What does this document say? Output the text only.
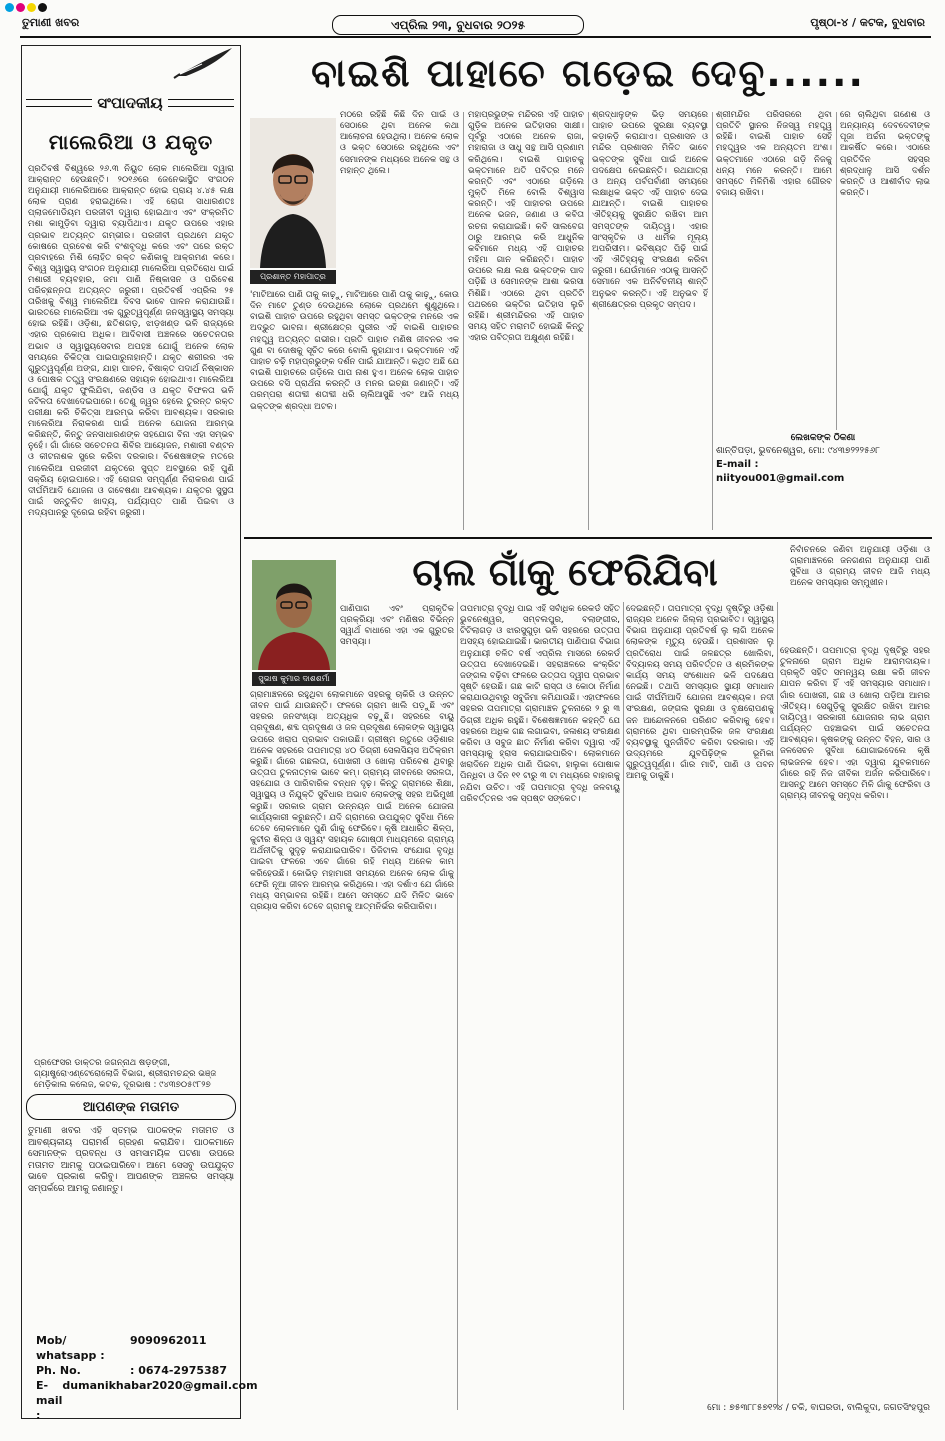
ତୁମାଣୀ ଖବର	ଏପ୍ରିଲ ୨୩, ବୁଧବାର ୨୦୨୫	ପୃଷ୍ଠା-୪ / କଟକ, ବୁଧବାର
ସଂପାଦକୀୟ
ମାଲେରିଆ ଓ ଯକୃତ
ପ୍ରତିବର୍ଷ ବିଶ୍ୱରେ ୨୬.୩ ନିୟୁତ ଲୋକ ମାଲେରିଆ ଦ୍ୱାରା ଆକ୍ରାନ୍ତ ହେଉଛନ୍ତି। ୨୦୧୬ରେ ଜେନେଭାସ୍ଥିତ ସଂଗଠନ ଅନୁଯାୟୀ ମାଲେରିଆରେ ଆକ୍ରାନ୍ତ ହୋଇ ପ୍ରାୟ ୪.୪୫ ଲକ୍ଷ ଲୋକ ପ୍ରାଣ ହରାଇଥିଲେ। ଏହି ରୋଗ ସାଧାରଣତଃ ପ୍ଲାଜମୋଡିୟମ ପରଜୀବୀ ଦ୍ୱାରା ହୋଇଥାଏ ଏବଂ ସଂକ୍ରମିତ ମଶା କାମୁଡ଼ିବା ଦ୍ୱାରା ବ୍ୟାପିଥାଏ। ଯକୃତ ଉପରେ ଏହାର ପ୍ରଭାବ ଅତ୍ୟନ୍ତ ଗମ୍ଭୀର। ପରଜୀବୀ ପ୍ରଥମେ ଯକୃତ କୋଷରେ ପ୍ରବେଶ କରି ବଂଶବୃଦ୍ଧି କରେ ଏବଂ ପରେ ରକ୍ତ ପ୍ରବାହରେ ମିଶି ଲୋହିତ ରକ୍ତ କଣିକାକୁ ଆକ୍ରମଣ କରେ। ବିଶ୍ୱ ସ୍ୱାସ୍ଥ୍ୟ ସଂଗଠନ ଅନୁଯାୟୀ ମାଲେରିଆ ପ୍ରତିରୋଧ ପାଇଁ ମଶାରୀ ବ୍ୟବହାର, ଜମା ପାଣି ନିଷ୍କାସନ ଓ ପରିବେଶ ପରିଚ୍ଛନ୍ନତା ଅତ୍ୟନ୍ତ ଜରୁରୀ। ପ୍ରତିବର୍ଷ ଏପ୍ରିଲ ୨୫ ତାରିଖକୁ ବିଶ୍ୱ ମାଲେରିଆ ଦିବସ ଭାବେ ପାଳନ କରାଯାଉଛି। ଭାରତରେ ମାଲେରିଆ ଏକ ଗୁରୁତ୍ୱପୂର୍ଣ୍ଣ ଜନସ୍ୱାସ୍ଥ୍ୟ ସମସ୍ୟା ହୋଇ ରହିଛି। ଓଡ଼ିଶା, ଛତିଶଗଡ଼, ଝାଡ଼ଖଣ୍ଡ ଭଳି ରାଜ୍ୟରେ ଏହାର ପ୍ରକୋପ ଅଧିକ। ଆଦିବାସୀ ଅଞ୍ଚଳରେ ସଚେତନତାର ଅଭାବ ଓ ସ୍ୱାସ୍ଥ୍ୟସେବାର ଅପହଞ୍ଚ ଯୋଗୁଁ ଅନେକ ଲୋକ ସମୟରେ ଚିକିତ୍ସା ପାଇପାରୁନାହାନ୍ତି। ଯକୃତ ଶରୀରର ଏକ ଗୁରୁତ୍ୱପୂର୍ଣ୍ଣ ଅଙ୍ଗ, ଯାହା ପାଚନ, ବିଷାକ୍ତ ପଦାର୍ଥ ନିଷ୍କାସନ ଓ ପୋଷକ ତତ୍ତ୍ୱ ସଂରକ୍ଷଣରେ ସହାୟକ ହୋଇଥାଏ। ମାଲେରିଆ ଯୋଗୁଁ ଯକୃତ ଫୁଲିଯିବା, ଜଣ୍ଡିସ ଓ ଯକୃତ ବିଫଳତା ଭଳି ଜଟିଳତା ଦେଖାଦେଇପାରେ। ତେଣୁ ଜ୍ୱର ହେଲେ ତୁରନ୍ତ ରକ୍ତ ପରୀକ୍ଷା କରି ଚିକିତ୍ସା ଆରମ୍ଭ କରିବା ଆବଶ୍ୟକ। ସରକାର ମାଲେରିଆ ନିରାକରଣ ପାଇଁ ଅନେକ ଯୋଜନା ଆରମ୍ଭ କରିଛନ୍ତି, କିନ୍ତୁ ଜନସାଧାରଣଙ୍କ ସହଯୋଗ ବିନା ଏହା ସମ୍ଭବ ନୁହେଁ। ଗାଁ ଗାଁରେ ସଚେତନତା ଶିବିର ଆୟୋଜନ, ମଶାରୀ ବଣ୍ଟନ ଓ କୀଟନାଶକ ସ୍ପ୍ରେ କରିବା ଦରକାର। ବିଶେଷଜ୍ଞଙ୍କ ମତରେ ମାଲେରିଆ ପରଜୀବୀ ଯକୃତରେ ସୁପ୍ତ ଅବସ୍ଥାରେ ରହି ପୁଣି ସକ୍ରିୟ ହୋଇପାରେ। ଏହି ରୋଗର ସମ୍ପୂର୍ଣ୍ଣ ନିରାକରଣ ପାଇଁ ଦୀର୍ଘମିଆଦି ଯୋଜନା ଓ ଗବେଷଣା ଆବଶ୍ୟକ। ଯକୃତର ସୁସ୍ଥତା ପାଇଁ ସନ୍ତୁଳିତ ଖାଦ୍ୟ, ପର୍ଯ୍ୟାପ୍ତ ପାଣି ପିଇବା ଓ ମଦ୍ୟପାନରୁ ଦୂରେଇ ରହିବା ଜରୁରୀ।
ପ୍ରଫେସର ଡାକ୍ତର ଜଗନ୍ନାଥ ଷଡ଼ଙ୍ଗୀ, ଗ୍ୟାଷ୍ଟ୍ରୋଏଣ୍ଟେରୋଲୋଜି ବିଭାଗ, ଶ୍ରୀରାମଚନ୍ଦ୍ର ଭଞ୍ଜ ମେଡ଼ିକାଲ କଲେଜ, କଟକ, ଦୂରଭାଷ : ୯୪୩୭୦୫୯୮୨୭
ଆପଣଙ୍କ ମତାମତ
ତୁମାଣୀ ଖବର ଏହି ସ୍ତମ୍ଭ ପାଠକଙ୍କ ମତାମତ ଓ ଆବଶ୍ୟକୀୟ ପରାମର୍ଶ ଗ୍ରହଣ କରାଯିବ। ପାଠକମାନେ ସେମାନଙ୍କ ପ୍ରବନ୍ଧ ଓ ସମସାମୟିକ ଘଟଣା ଉପରେ ମତାମତ ଆମକୁ ପଠାଇପାରିବେ। ଆମେ ସେସବୁ ଉପଯୁକ୍ତ ଭାବେ ପ୍ରକାଶ କରିବୁ। ଆପଣଙ୍କ ଅଞ୍ଚଳର ସମସ୍ୟା ସମ୍ପର୍କରେ ଆମକୁ ଜଣାନ୍ତୁ।
Mob/ whatsapp :
9090962011
Ph. No.	: 0674-2975387
E-mail :
dumanikhabar2020@gmail.com
ବାଇଶି ପାହାଚେ ଗଡ଼େଇ ଦେବୁ......
ପ୍ରଶାନ୍ତ ମହାପାତ୍ର
ମଠରେ ରହିଛି କିଛି ଦିନ ପାଇଁ ଓ ସେଠାରେ ଥିବା ଅନେକ କଥା ଆଲୋଚନା ହେଉଥିଲା। ଅନେକ ଲୋକ ଓ ଭକ୍ତ ସେଠାରେ ରହୁଥିଲେ ଏବଂ ସେମାନଙ୍କ ମଧ୍ୟରେ ଅନେକ ସନ୍ଥ ଓ ମହାନ୍ତ ଥିଲେ।
'ମାଟିଆରେ ପାଣି ତାକୁ କାଢ଼ୁ, ମାଟିଆରେ ପାଣି ତାକୁ କାଢ଼ୁ, କୋଉ ଦିନ ମାଟେ ତୁଣ୍ଡ ଦେଉଥିଲେ ଲୋକେ ପ୍ରଥମେ ଶୁଣୁଥିଲେ। ବାଇଶି ପାହାଚ ଉପରେ ରହୁଥିବା ସମସ୍ତ ଭକ୍ତଙ୍କ ମନରେ ଏକ ଅଦ୍ଭୁତ ଭାବନା। ଶ୍ରୀକ୍ଷେତ୍ର ପୁରୀର ଏହି ବାଇଶି ପାହାଚର ମହତ୍ତ୍ୱ ଅତ୍ୟନ୍ତ ଗଭୀର। ପ୍ରତି ପାହାଚ ମଣିଷ ଜୀବନର ଏକ ଗୁଣ ବା ଦୋଷକୁ ସୂଚିତ କରେ ବୋଲି କୁହାଯାଏ। ଭକ୍ତମାନେ ଏହି ପାହାଚ ଚଢ଼ି ମହାପ୍ରଭୁଙ୍କ ଦର୍ଶନ ପାଇଁ ଯାଆନ୍ତି। କଥିତ ଅଛି ଯେ ବାଇଶି ପାହାଚରେ ଗଡ଼ିଲେ ପାପ ନାଶ ହୁଏ। ଅନେକ ଲୋକ ପାହାଚ ଉପରେ ବସି ପ୍ରାର୍ଥନା କରନ୍ତି ଓ ମନର ଇଚ୍ଛା ଜଣାନ୍ତି। ଏହି ପରମ୍ପରା ଶତାବ୍ଦୀ ଶତାବ୍ଦୀ ଧରି ଚାଲିଆସୁଛି ଏବଂ ଆଜି ମଧ୍ୟ ଭକ୍ତଙ୍କ ଶ୍ରଦ୍ଧା ଅଟଳ।
ମହାପ୍ରଭୁଙ୍କ ମନ୍ଦିରର ଏହି ପାହାଚ ଗୁଡ଼ିକ ଅନେକ ଇତିହାସର ସାକ୍ଷୀ। ପୂର୍ବରୁ ଏଠାରେ ଅନେକ ରାଜା, ମହାରାଜା ଓ ସାଧୁ ସନ୍ଥ ଆସି ପ୍ରଣାମ କରିଥିଲେ। ବାଇଶି ପାହାଚକୁ ଭକ୍ତମାନେ ଅତି ପବିତ୍ର ମନେ କରନ୍ତି ଏବଂ ଏଠାରେ ଗଡ଼ିଲେ ମୁକ୍ତି ମିଳେ ବୋଲି ବିଶ୍ୱାସ କରନ୍ତି। ଏହି ପାହାଚର ଉପରେ ଅନେକ ଭଜନ, ଜଣାଣ ଓ କବିତା ରଚନା କରାଯାଇଛି। କବି ସାଲବେଗ ଠାରୁ ଆରମ୍ଭ କରି ଆଧୁନିକ କବିମାନେ ମଧ୍ୟ ଏହି ପାହାଚର ମହିମା ଗାନ କରିଛନ୍ତି। ପାହାଚ ଉପରେ ଲକ୍ଷ ଲକ୍ଷ ଭକ୍ତଙ୍କ ପାଦ ପଡ଼ିଛି ଓ ସେମାନଙ୍କ ଆଶା ଭରସା ମିଶିଛି। ଏଠାରେ ଥିବା ପ୍ରତିଟି ପଥରରେ ଭକ୍ତିର ଇତିହାସ ଲୁଚି ରହିଛି। ଶ୍ରୀମନ୍ଦିରର ଏହି ପାହାଚ ସମୟ ସହିତ ମରାମତି ହୋଇଛି କିନ୍ତୁ ଏହାର ପବିତ୍ରତା ଅକ୍ଷୁଣ୍ଣ ରହିଛି।
ଶ୍ରଦ୍ଧାଳୁଙ୍କ ଭିଡ଼ ସମୟରେ ପାହାଚ ଉପରେ ସୁରକ୍ଷା ବ୍ୟବସ୍ଥା କଡ଼ାକଡ଼ି କରାଯାଏ। ପ୍ରଶାସନ ଓ ମନ୍ଦିର ପ୍ରଶାସନ ମିଳିତ ଭାବେ ଭକ୍ତଙ୍କ ସୁବିଧା ପାଇଁ ଅନେକ ପଦକ୍ଷେପ ନେଇଛନ୍ତି। ରଥଯାତ୍ରା ଓ ଅନ୍ୟ ପର୍ବପର୍ବାଣୀ ସମୟରେ ଲକ୍ଷାଧିକ ଭକ୍ତ ଏହି ପାହାଚ ଦେଇ ଯାଆନ୍ତି। ବାଇଶି ପାହାଚର ଐତିହ୍ୟକୁ ସୁରକ୍ଷିତ ରଖିବା ଆମ ସମସ୍ତଙ୍କ ଦାୟିତ୍ୱ। ଏହାର ସାଂସ୍କୃତିକ ଓ ଧାର୍ମିକ ମୂଲ୍ୟ ଅପରିସୀମ। ଭବିଷ୍ୟତ ପିଢ଼ି ପାଇଁ ଏହି ଐତିହ୍ୟକୁ ସଂରକ୍ଷଣ କରିବା ଜରୁରୀ। ଯେଉଁମାନେ ଏଠାକୁ ଆସନ୍ତି ସେମାନେ ଏକ ଅନିର୍ବଚନୀୟ ଶାନ୍ତି ଅନୁଭବ କରନ୍ତି। ଏହି ଅନୁଭବ ହିଁ ଶ୍ରୀକ୍ଷେତ୍ରର ପ୍ରକୃତ ସମ୍ପଦ।
ଶ୍ରୀମନ୍ଦିର ପରିସରରେ ଥିବା ପ୍ରତିଟି ସ୍ଥାନର ନିଜସ୍ୱ ମହତ୍ତ୍ୱ ରହିଛି। ବାଇଶି ପାହାଚ ସେହି ମହତ୍ତ୍ୱର ଏକ ଅନ୍ୟତମ ଅଂଶ। ଭକ୍ତମାନେ ଏଠାରେ ଗଡ଼ି ନିଜକୁ ଧନ୍ୟ ମନେ କରନ୍ତି। ଆମେ ସମସ୍ତେ ମିଳିମିଶି ଏହାର ଗୌରବ ବଜାୟ ରଖିବା।
ରେ ଚାଲିଥିବା ଗଣେଶ ଓ ଅନ୍ୟାନ୍ୟ ଦେବଦେବୀଙ୍କ ପୂଜା ଅର୍ଚ୍ଚନା ଭକ୍ତଙ୍କୁ ଆକର୍ଷିତ କରେ। ଏଠାରେ ପ୍ରତିଦିନ ସହସ୍ର ଶ୍ରଦ୍ଧାଳୁ ଆସି ଦର୍ଶନ କରନ୍ତି ଓ ଆଶୀର୍ବାଦ ଲାଭ କରନ୍ତି।
ଲେଖକଙ୍କ ଠିକଣା
ଶାନ୍ତିପଡ଼ା, ଭୁବନେଶ୍ୱର, ମୋ: ୯୪୩୭୨୨୨୫୬୮
E-mail :
niityou001@gmail.com
ଚାଲ ଗାଁକୁ ଫେରିଯିବା	ନିର୍ବାଚନରେ ଜଣିବା ଅନୁଯାୟୀ ଓଡ଼ିଶା ଓ ଗ୍ରାମାଞ୍ଚଳରେ ଜନଗଣନା ଅନୁଯାୟୀ ପାଣି ସୁବିଧା ଓ ଗ୍ରାମ୍ୟ ଜୀବନ ଆଜି ମଧ୍ୟ ଅନେକ ସମସ୍ୟାର ସମ୍ମୁଖୀନ।
ସୁଭାଷ କୁମାର ଦାଶଶର୍ମା
ପାଣିପାଗ ଏବଂ ପ୍ରାକୃତିକ ପ୍ରକ୍ରିୟା ଏବଂ ମଣିଷର ବିଭିନ୍ନ ସ୍ୱାର୍ଥ ବାଧାରେ ଏହା ଏକ ଗୁରୁତର ସମସ୍ୟା।
ଗ୍ରାମାଞ୍ଚଳରେ ରହୁଥିବା ଲୋକମାନେ ସହରକୁ ଚାକିରି ଓ ଉନ୍ନତ ଜୀବନ ପାଇଁ ଯାଉଛନ୍ତି। ଫଳରେ ଗ୍ରାମ ଖାଲି ପଡ଼ୁଛି ଏବଂ ସହରର ଜନସଂଖ୍ୟା ଅତ୍ୟଧିକ ବଢ଼ୁଛି। ସହରରେ ବାୟୁ ପ୍ରଦୂଷଣ, ଶବ୍ଦ ପ୍ରଦୂଷଣ ଓ ଜଳ ପ୍ରଦୂଷଣ ଲୋକଙ୍କ ସ୍ୱାସ୍ଥ୍ୟ ଉପରେ ଖରାପ ପ୍ରଭାବ ପକାଉଛି। ଗ୍ରୀଷ୍ମ ଋତୁରେ ଓଡ଼ିଶାର ଅନେକ ସହରରେ ତାପମାତ୍ରା ୪୦ ଡିଗ୍ରୀ ସେଲସିୟସ ଅତିକ୍ରମ କରୁଛି। ଗାଁରେ ଗଛଲତା, ପୋଖରୀ ଓ ଖୋଲା ପରିବେଶ ଥିବାରୁ ଉତ୍ତାପ ତୁଳନାତ୍ମକ ଭାବେ କମ୍। ଗ୍ରାମ୍ୟ ଜୀବନରେ ସରଳତା, ସହଯୋଗ ଓ ପାରିବାରିକ ବନ୍ଧନ ଦୃଢ଼। କିନ୍ତୁ ଗ୍ରାମରେ ଶିକ୍ଷା, ସ୍ୱାସ୍ଥ୍ୟ ଓ ନିଯୁକ୍ତି ସୁବିଧାର ଅଭାବ ଲୋକଙ୍କୁ ସହର ଅଭିମୁଖୀ କରୁଛି। ସରକାର ଗ୍ରାମ ଉନ୍ନୟନ ପାଇଁ ଅନେକ ଯୋଜନା କାର୍ଯ୍ୟକାରୀ କରୁଛନ୍ତି। ଯଦି ଗ୍ରାମରେ ଉପଯୁକ୍ତ ସୁବିଧା ମିଳେ ତେବେ ଲୋକମାନେ ପୁଣି ଗାଁକୁ ଫେରିବେ। କୃଷି ଆଧାରିତ ଶିଳ୍ପ, କୁଟୀର ଶିଳ୍ପ ଓ ସ୍ୱୟଂ ସହାୟକ ଗୋଷ୍ଠୀ ମାଧ୍ୟମରେ ଗ୍ରାମ୍ୟ ଅର୍ଥନୀତିକୁ ସୁଦୃଢ଼ କରାଯାଇପାରିବ। ଡିଜିଟାଲ ସଂଯୋଗ ବୃଦ୍ଧି ପାଇବା ଫଳରେ ଏବେ ଗାଁରେ ରହି ମଧ୍ୟ ଅନେକ କାମ କରିହେଉଛି। କୋଭିଡ଼ ମହାମାରୀ ସମୟରେ ଅନେକ ଲୋକ ଗାଁକୁ ଫେରି ନୂଆ ଜୀବନ ଆରମ୍ଭ କରିଥିଲେ। ଏହା ଦର୍ଶାଏ ଯେ ଗାଁରେ ମଧ୍ୟ ସମ୍ଭାବନା ରହିଛି। ଆମେ ସମସ୍ତେ ଯଦି ମିଳିତ ଭାବେ ପ୍ରୟାସ କରିବା ତେବେ ଗ୍ରାମକୁ ଆତ୍ମନିର୍ଭର କରିପାରିବା।
ତାପମାତ୍ରା ବୃଦ୍ଧି ପାଇ ଏହି ସର୍ବାଧିକ ରେକର୍ଡ ସହିତ ଭୁବନେଶ୍ୱର, ସମ୍ବଲପୁର, ବଲାଙ୍ଗୀର, ଟିଟିଲାଗଡ଼ ଓ ଝାରସୁଗୁଡ଼ା ଭଳି ସହରରେ ଉତ୍ତାପ ଅସହ୍ୟ ହୋଇଯାଇଛି। ଭାରତୀୟ ପାଣିପାଗ ବିଭାଗ ଅନୁଯାୟୀ ଚଳିତ ବର୍ଷ ଏପ୍ରିଲ ମାସରେ ରେକର୍ଡ ଉତ୍ତାପ ଦେଖାଦେଇଛି। ସହରାଞ୍ଚଳରେ କଂକ୍ରିଟ ଜଙ୍ଗଲ ବଢ଼ିବା ଫଳରେ ଉତ୍ତାପ ଦ୍ୱୀପ ପ୍ରଭାବ ସୃଷ୍ଟି ହେଉଛି। ଗଛ କାଟି ରାସ୍ତା ଓ କୋଠା ନିର୍ମାଣ କରାଯାଉଥିବାରୁ ସବୁଜିମା କମିଯାଉଛି। ଏହାଫଳରେ ସହରର ତାପମାତ୍ରା ଗ୍ରାମାଞ୍ଚଳ ତୁଳନାରେ ୨ ରୁ ୩ ଡିଗ୍ରୀ ଅଧିକ ରହୁଛି। ବିଶେଷଜ୍ଞମାନେ କହନ୍ତି ଯେ ସହରରେ ଅଧିକ ଗଛ ଲଗାଇବା, ଜଳାଶୟ ସଂରକ୍ଷଣ କରିବା ଓ ସବୁଜ ଛାତ ନିର୍ମାଣ କରିବା ଦ୍ୱାରା ଏହି ସମସ୍ୟାକୁ ହ୍ରାସ କରାଯାଇପାରିବ। ଲୋକମାନେ ଖରାଦିନେ ଅଧିକ ପାଣି ପିଇବା, ହାଲୁକା ପୋଷାକ ପିନ୍ଧିବା ଓ ଦିନ ୧୧ ଟାରୁ ୩ ଟା ମଧ୍ୟରେ ବାହାରକୁ ନଯିବା ଉଚିତ। ଏହି ତାପମାତ୍ରା ବୃଦ୍ଧି ଜଳବାୟୁ ପରିବର୍ତ୍ତନର ଏକ ସ୍ପଷ୍ଟ ସଙ୍କେତ।
ଦେଇଛନ୍ତି। ତାପମାତ୍ରା ବୃଦ୍ଧି ଦୃଷ୍ଟିରୁ ଓଡ଼ିଶା ରାଜ୍ୟର ଅନେକ ଜିଲ୍ଲା ପ୍ରଭାବିତ। ସ୍ୱାସ୍ଥ୍ୟ ବିଭାଗ ଅନୁଯାୟୀ ପ୍ରତିବର୍ଷ ଲୁ ଲାଗି ଅନେକ ଲୋକଙ୍କ ମୃତ୍ୟୁ ହେଉଛି। ପ୍ରଶାସନ ଲୁ ପ୍ରତିରୋଧ ପାଇଁ ଜଳଛତ୍ର ଖୋଲିବା, ବିଦ୍ୟାଳୟ ସମୟ ପରିବର୍ତ୍ତନ ଓ ଶ୍ରମିକଙ୍କ କାର୍ଯ୍ୟ ସମୟ ସଂଶୋଧନ ଭଳି ପଦକ୍ଷେପ ନେଇଛି। ତଥାପି ସମସ୍ୟାର ସ୍ଥାୟୀ ସମାଧାନ ପାଇଁ ଦୀର୍ଘମିଆଦି ଯୋଜନା ଆବଶ୍ୟକ। ନଦୀ ସଂରକ୍ଷଣ, ଜଙ୍ଗଲ ସୁରକ୍ଷା ଓ ବୃକ୍ଷରୋପଣକୁ ଜନ ଆନ୍ଦୋଳନରେ ପରିଣତ କରିବାକୁ ହେବ। ଗ୍ରାମରେ ଥିବା ପାରମ୍ପରିକ ଜଳ ସଂରକ୍ଷଣ ବ୍ୟବସ୍ଥାକୁ ପୁନର୍ଜୀବିତ କରିବା ଦରକାର। ଏହି ଉଦ୍ୟମରେ ଯୁବପିଢ଼ିଙ୍କ ଭୂମିକା ଗୁରୁତ୍ୱପୂର୍ଣ୍ଣ। ଗାଁର ମାଟି, ପାଣି ଓ ପବନ ଆମକୁ ଡାକୁଛି।
ହେଉଛନ୍ତି। ତାପମାତ୍ରା ବୃଦ୍ଧି ଦୃଷ୍ଟିରୁ ସହର ତୁଳନାରେ ଗ୍ରାମ ଅଧିକ ଆରାମଦାୟକ। ପ୍ରକୃତି ସହିତ ସମନ୍ୱୟ ରକ୍ଷା କରି ଜୀବନ ଯାପନ କରିବା ହିଁ ଏହି ସମସ୍ୟାର ସମାଧାନ। ଗାଁର ପୋଖରୀ, ଗଛ ଓ ଖୋଲା ପଡ଼ିଆ ଆମର ଐତିହ୍ୟ। ସେଗୁଡ଼ିକୁ ସୁରକ୍ଷିତ ରଖିବା ଆମର ଦାୟିତ୍ୱ। ସରକାରୀ ଯୋଜନାର ଲାଭ ଗ୍ରାମ ପର୍ଯ୍ୟନ୍ତ ପହଞ୍ଚାଇବା ପାଇଁ ସଚେତନତା ଆବଶ୍ୟକ। କୃଷକଙ୍କୁ ଉନ୍ନତ ବିହନ, ସାର ଓ ଜଳସେଚନ ସୁବିଧା ଯୋଗାଇଦେଲେ କୃଷି ଲାଭଜନକ ହେବ। ଏହା ଦ୍ୱାରା ଯୁବକମାନେ ଗାଁରେ ରହି ନିଜ ଜୀବିକା ଅର୍ଜନ କରିପାରିବେ। ଆସନ୍ତୁ ଆମେ ସମସ୍ତେ ମିଳି ଗାଁକୁ ଫେରିବା ଓ ଗ୍ରାମ୍ୟ ଜୀବନକୁ ସମୃଦ୍ଧ କରିବା।
ମୋ : ୭୫୩୮୮୫୭୧୨୪ / ଚକି, ବାଘରଡା, ବାଲିକୁଦା, ଜଗତସିଂହପୁର
